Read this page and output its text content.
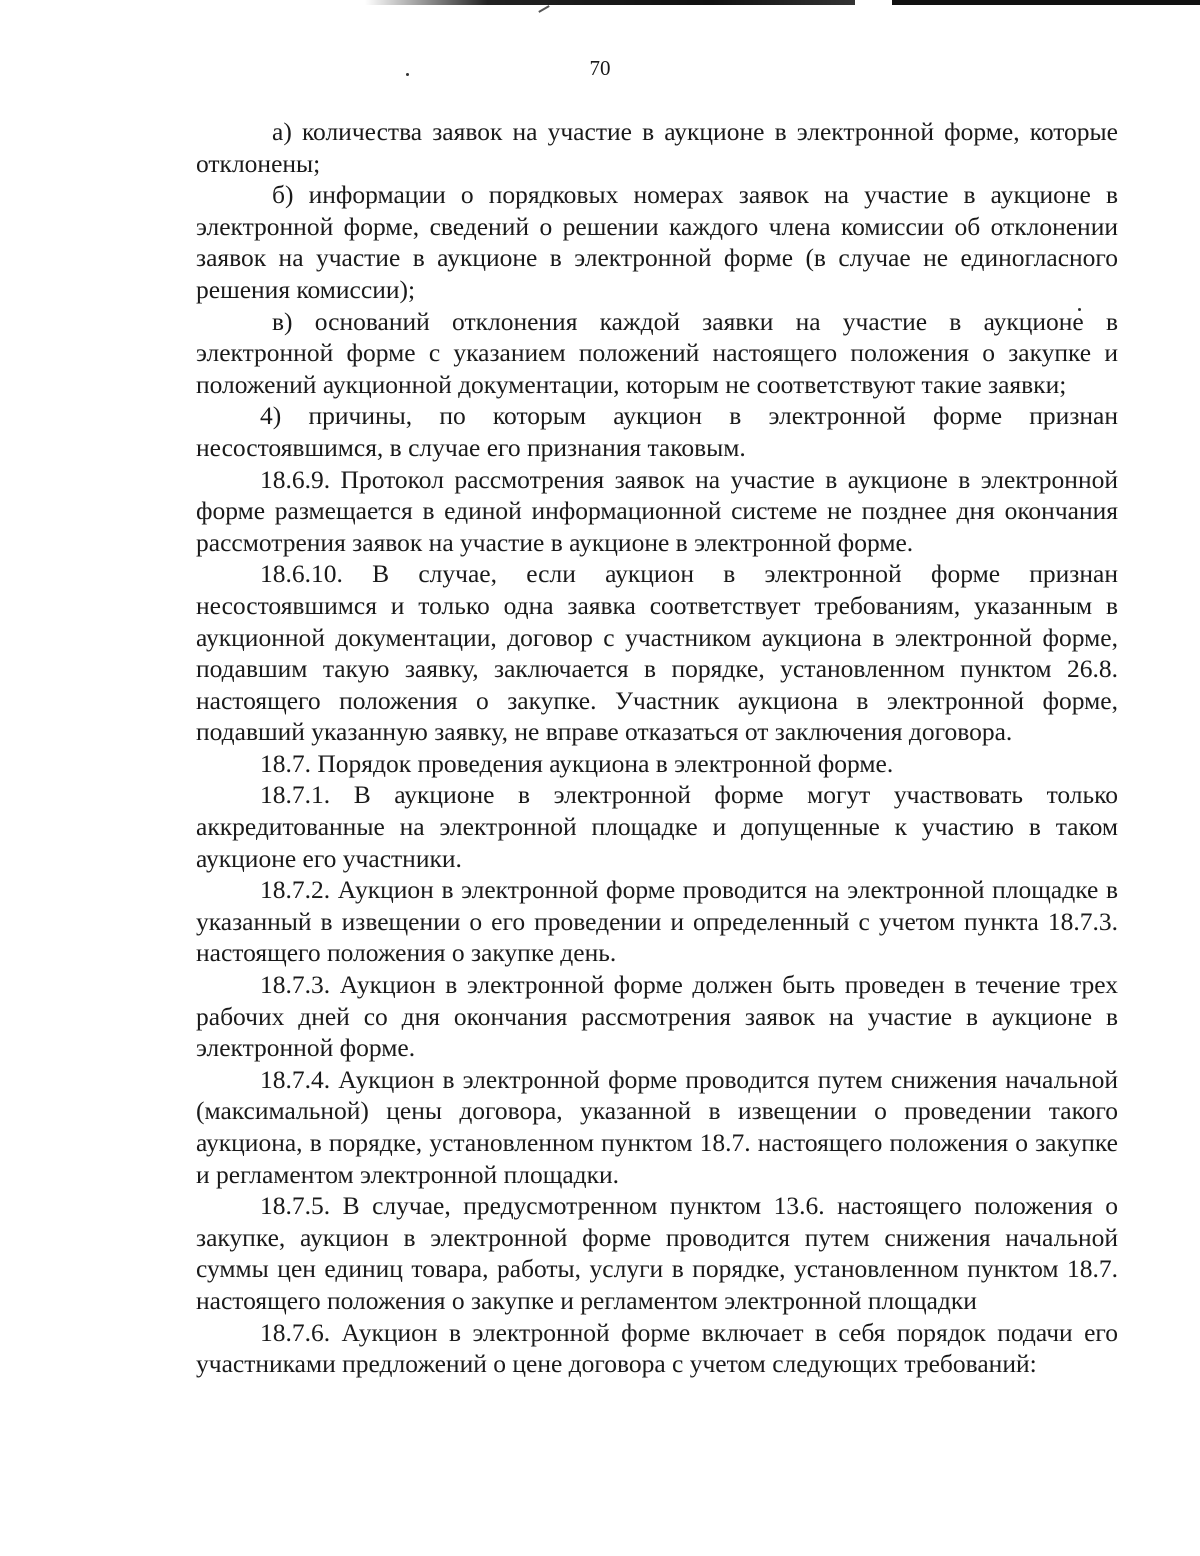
70

а) количества заявок на участие в аукционе в электронной форме, которые отклонены;

б) информации о порядковых номерах заявок на участие в аукционе в электронной форме, сведений о решении каждого члена комиссии об отклонении заявок на участие в аукционе в электронной форме (в случае не единогласного решения комиссии);

в) оснований отклонения каждой заявки на участие в аукционе в электронной форме с указанием положений настоящего положения о закупке и положений аукционной документации, которым не соответствуют такие заявки;

4) причины, по которым аукцион в электронной форме признан несостоявшимся, в случае его признания таковым.

18.6.9. Протокол рассмотрения заявок на участие в аукционе в электронной форме размещается в единой информационной системе не позднее дня окончания рассмотрения заявок на участие в аукционе в электронной форме.

18.6.10. В случае, если аукцион в электронной форме признан несостоявшимся и только одна заявка соответствует требованиям, указанным в аукционной документации, договор с участником аукциона в электронной форме, подавшим такую заявку, заключается в порядке, установленном пунктом 26.8. настоящего положения о закупке. Участник аукциона в электронной форме, подавший указанную заявку, не вправе отказаться от заключения договора.

18.7. Порядок проведения аукциона в электронной форме.

18.7.1. В аукционе в электронной форме могут участвовать только аккредитованные на электронной площадке и допущенные к участию в таком аукционе его участники.

18.7.2. Аукцион в электронной форме проводится на электронной площадке в указанный в извещении о его проведении и определенный с учетом пункта 18.7.3. настоящего положения о закупке день.

18.7.3. Аукцион в электронной форме должен быть проведен в течение трех рабочих дней со дня окончания рассмотрения заявок на участие в аукционе в электронной форме.

18.7.4. Аукцион в электронной форме проводится путем снижения начальной (максимальной) цены договора, указанной в извещении о проведении такого аукциона, в порядке, установленном пунктом 18.7. настоящего положения о закупке и регламентом электронной площадки.

18.7.5. В случае, предусмотренном пунктом 13.6. настоящего положения о закупке, аукцион в электронной форме проводится путем снижения начальной суммы цен единиц товара, работы, услуги в порядке, установленном пунктом 18.7. настоящего положения о закупке и регламентом электронной площадки

18.7.6. Аукцион в электронной форме включает в себя порядок подачи его участниками предложений о цене договора с учетом следующих требований:
